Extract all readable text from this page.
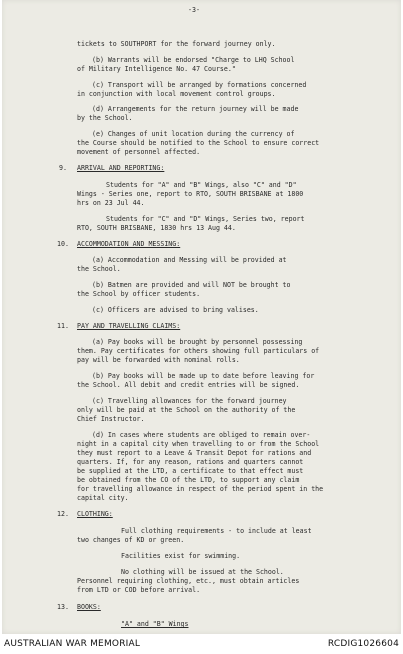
-3-
tickets to SOUTHPORT for the forward journey only.
(b) Warrants will be endorsed "Charge to LHQ School
of Military Intelligence No. 47 Course."
(c) Transport will be arranged by formations concerned
in conjunction with local movement control groups.
(d) Arrangements for the return journey will be made
by the School.
(e) Changes of unit location during the currency of
the Course should be notified to the School to ensure correct
movement of personnel affected.
9. ARRIVAL AND REPORTING:
Students for "A" and "B" Wings, also "C" and "D"
Wings - Series one, report to RTO, SOUTH BRISBANE at 1800
hrs on 23 Jul 44.
Students for "C" and "D" Wings, Series two, report
RTO, SOUTH BRISBANE, 1830 hrs 13 Aug 44.
10. ACCOMMODATION AND MESSING:
(a) Accommodation and Messing will be provided at
the School.
(b) Batmen are provided and will NOT be brought to
the School by officer students.
(c) Officers are advised to bring valises.
11. PAY AND TRAVELLING CLAIMS:
(a) Pay books will be brought by personnel possessing
them. Pay certificates for others showing full particulars of
pay will be forwarded with nominal rolls.
(b) Pay books will be made up to date before leaving for
the School. All debit and credit entries will be signed.
(c) Travelling allowances for the forward journey
only will be paid at the School on the authority of the
Chief Instructor.
(d) In cases where students are obliged to remain over-
night in a capital city when travelling to or from the School
they must report to a Leave & Transit Depot for rations and
quarters. If, for any reason, rations and quarters cannot
be supplied at the LTD, a certificate to that effect must
be obtained from the CO of the LTD, to support any claim
for travelling allowance in respect of the period spent in the
capital city.
12. CLOTHING:
Full clothing requirements - to include at least
two changes of KD or green.
Facilities exist for swimming.
No clothing will be issued at the School.
Personnel requiring clothing, etc., must obtain articles
from LTD or COD before arrival.
13. BOOKS:
"A" and "B" Wings
AUSTRALIAN WAR MEMORIAL	RCDIG1026604
